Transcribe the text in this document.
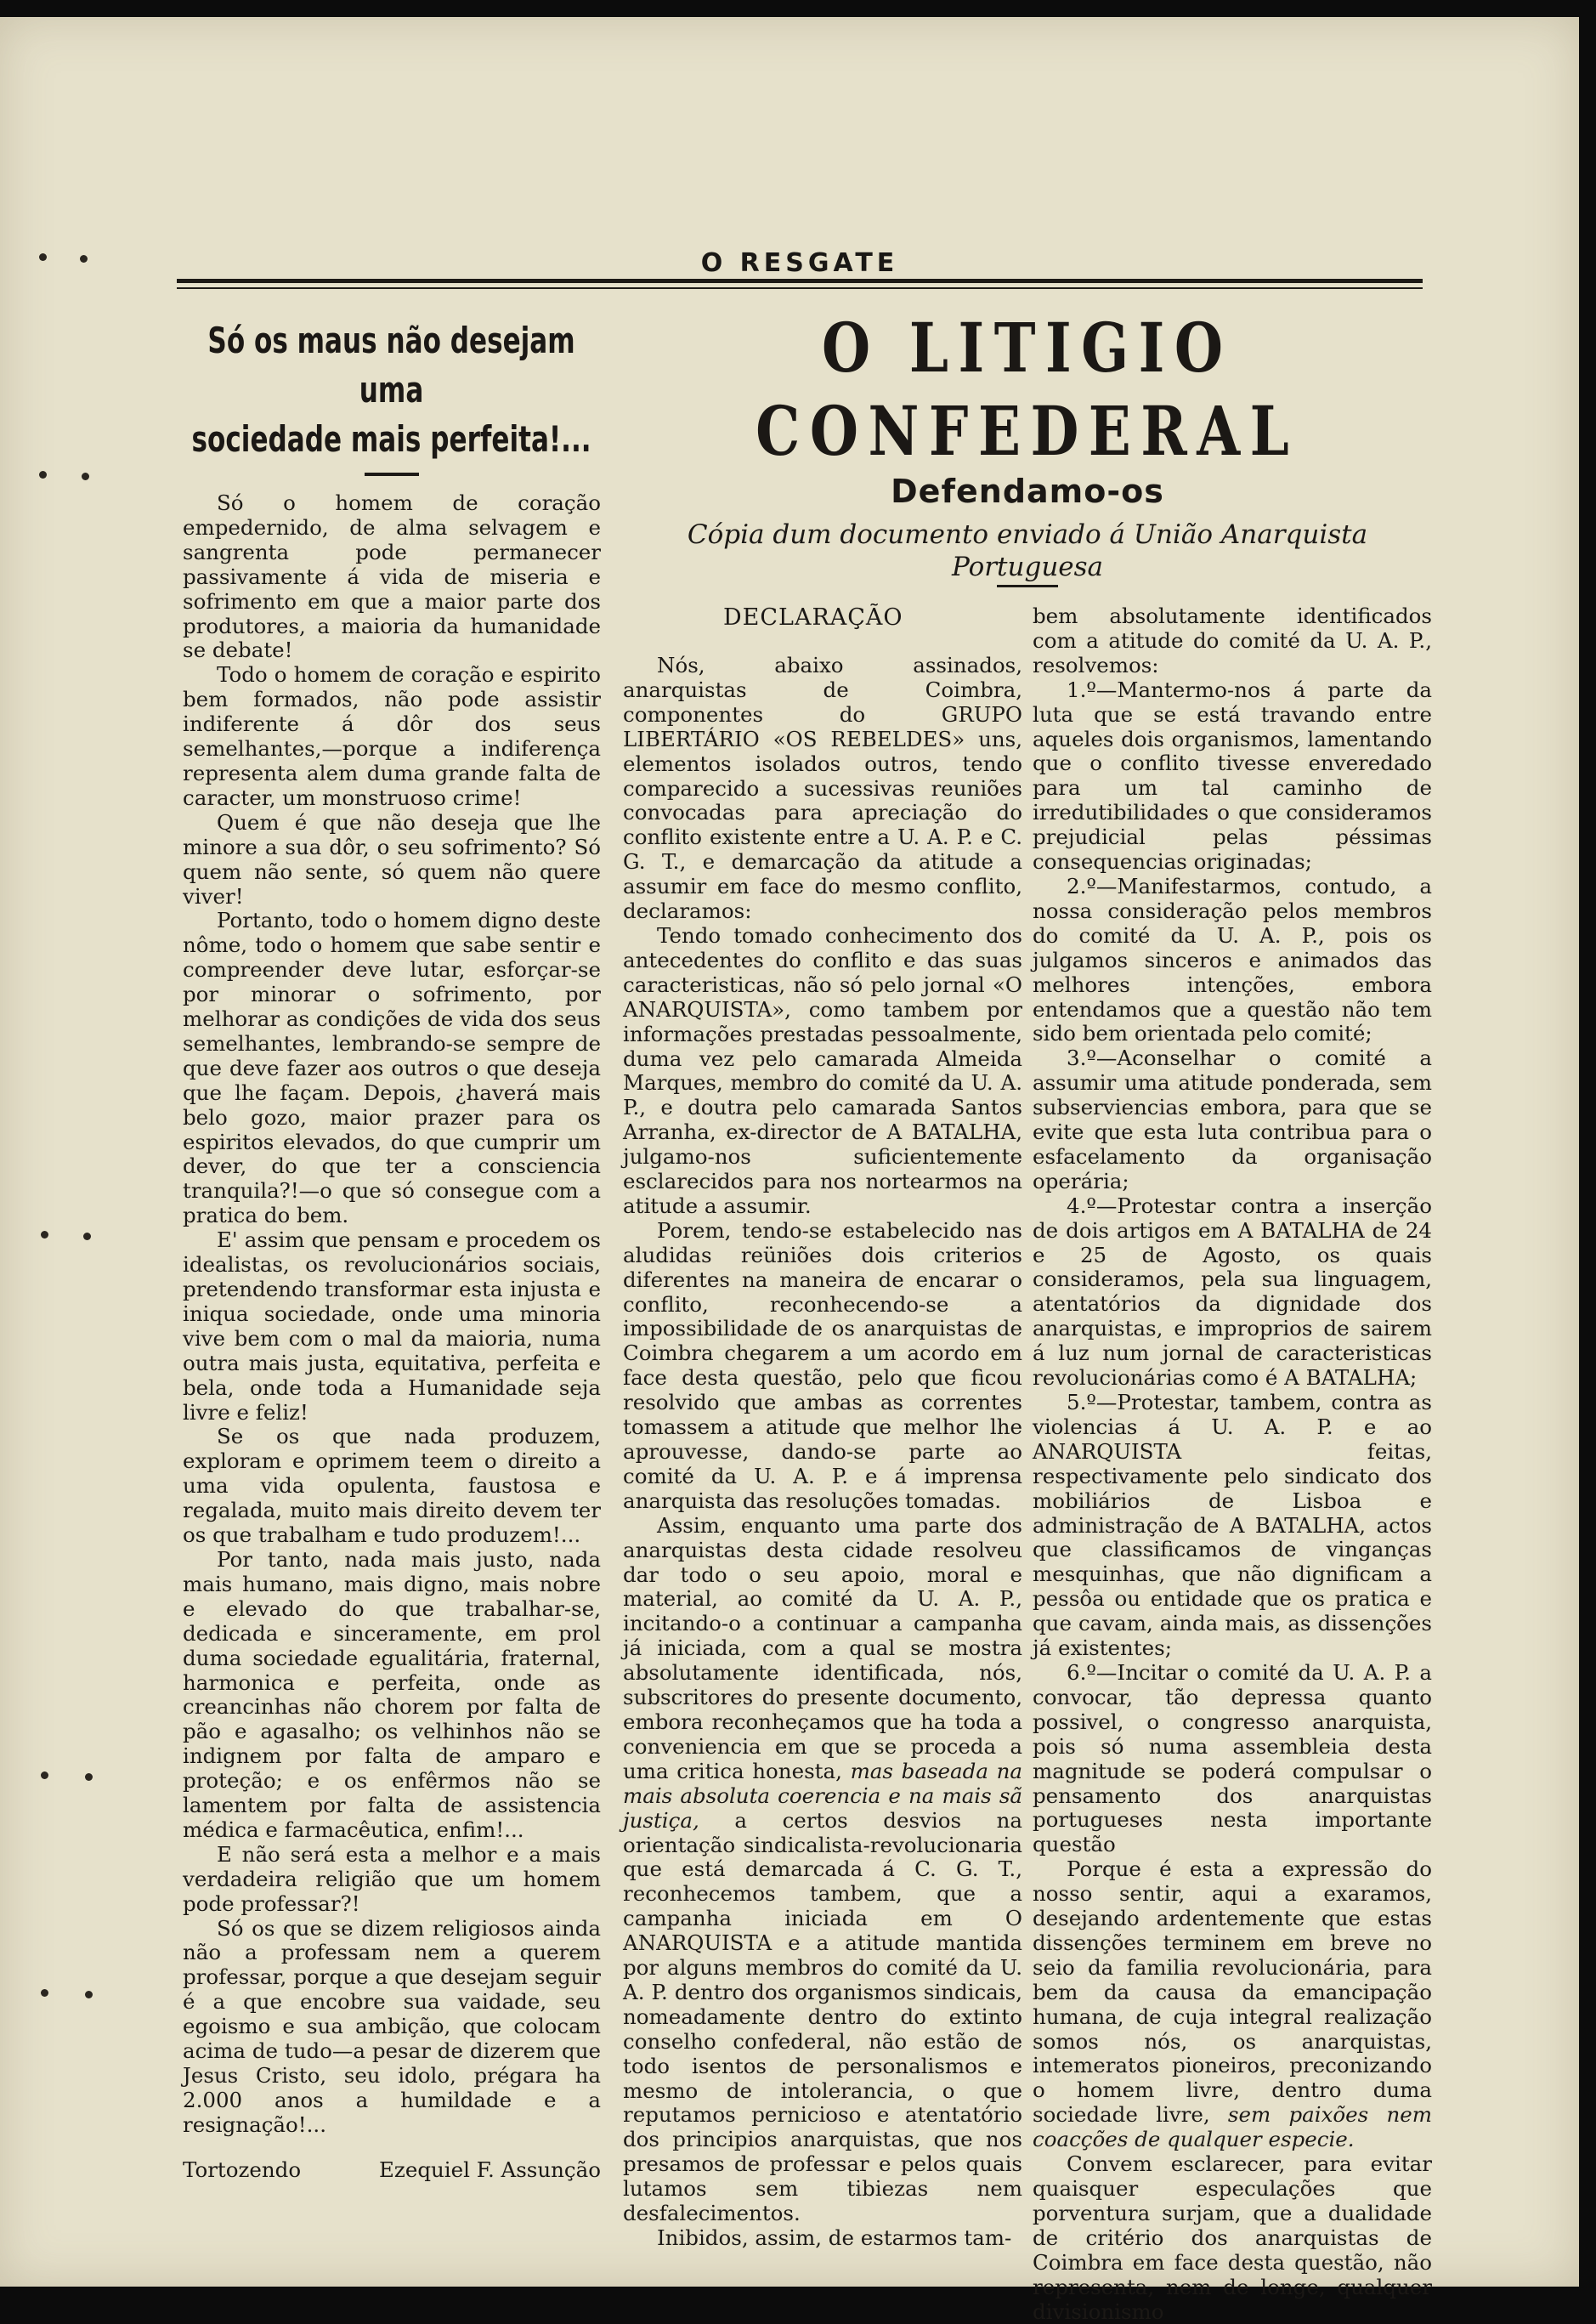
O RESGATE
Só os maus não desejam uma
sociedade mais perfeita!...

Só o homem de coração empedernido, de alma selvagem e sangrenta pode permanecer passivamente á vida de miseria e sofrimento em que a maior parte dos produtores, a maioria da humanidade se debate!

Todo o homem de coração e espirito bem formados, não pode assistir indiferente á dôr dos seus semelhantes,—porque a indiferença representa alem duma grande falta de caracter, um monstruoso crime!

Quem é que não deseja que lhe minore a sua dôr, o seu sofrimento? Só quem não sente, só quem não quere viver!

Portanto, todo o homem digno deste nôme, todo o homem que sabe sentir e compreender deve lutar, esforçar-se por minorar o sofrimento, por melhorar as condições de vida dos seus semelhantes, lembrando-se sempre de que deve fazer aos outros o que deseja que lhe façam. Depois, ¿haverá mais belo gozo, maior prazer para os espiritos elevados, do que cumprir um dever, do que ter a consciencia tranquila?!—o que só consegue com a pratica do bem.

E' assim que pensam e procedem os idealistas, os revolucionários sociais, pretendendo transformar esta injusta e iniqua sociedade, onde uma minoria vive bem com o mal da maioria, numa outra mais justa, equitativa, perfeita e bela, onde toda a Humanidade seja livre e feliz!

Se os que nada produzem, exploram e oprimem teem o direito a uma vida opulenta, faustosa e regalada, muito mais direito devem ter os que trabalham e tudo produzem!...

Por tanto, nada mais justo, nada mais humano, mais digno, mais nobre e elevado do que trabalhar-se, dedicada e sinceramente, em prol duma sociedade egualitária, fraternal, harmonica e perfeita, onde as creancinhas não chorem por falta de pão e agasalho; os velhinhos não se indignem por falta de amparo e proteção; e os enfêrmos não se lamentem por falta de assistencia médica e farmacêutica, enfim!...

E não será esta a melhor e a mais verdadeira religião que um homem pode professar?!

Só os que se dizem religiosos ainda não a professam nem a querem professar, porque a que desejam seguir é a que encobre sua vaidade, seu egoismo e sua ambição, que colocam acima de tudo—a pesar de dizerem que Jesus Cristo, seu idolo, prégara ha 2.000 anos a humildade e a resignação!...

Tortozendo	Ezequiel F. Assunção
O LITIGIO CONFEDERAL
Defendamo-os

Cópia dum documento enviado á União Anarquista Portuguesa

DECLARAÇÃO

Nós, abaixo assinados, anarquistas de Coimbra, componentes do GRUPO LIBERTÁRIO «OS REBELDES» uns, elementos isolados outros, tendo comparecido a sucessivas reuniões convocadas para apreciação do conflito existente entre a U. A. P. e C. G. T., e demarcação da atitude a assumir em face do mesmo conflito, declaramos:

Tendo tomado conhecimento dos antecedentes do conflito e das suas caracteristicas, não só pelo jornal «O ANARQUISTA», como tambem por informações prestadas pessoalmente, duma vez pelo camarada Almeida Marques, membro do comité da U. A. P., e doutra pelo camarada Santos Arranha, ex-director de A BATALHA, julgamo-nos suficientemente esclarecidos para nos nortearmos na atitude a assumir.

Porem, tendo-se estabelecido nas aludidas reüniões dois criterios diferentes na maneira de encarar o conflito, reconhecendo-se a impossibilidade de os anarquistas de Coimbra chegarem a um acordo em face desta questão, pelo que ficou resolvido que ambas as correntes tomassem a atitude que melhor lhe aprouvesse, dando-se parte ao comité da U. A. P. e á imprensa anarquista das resoluções tomadas.

Assim, enquanto uma parte dos anarquistas desta cidade resolveu dar todo o seu apoio, moral e material, ao comité da U. A. P., incitando-o a continuar a campanha já iniciada, com a qual se mostra absolutamente identificada, nós, subscritores do presente documento, embora reconheçamos que ha toda a conveniencia em que se proceda a uma critica honesta, mas baseada na mais absoluta coerencia e na mais sã justiça, a certos desvios na orientação sindicalista-revolucionaria que está demarcada á C. G. T., reconhecemos tambem, que a campanha iniciada em O ANARQUISTA e a atitude mantida por alguns membros do comité da U. A. P. dentro dos organismos sindicais, nomeadamente dentro do extinto conselho confederal, não estão de todo isentos de personalismos e mesmo de intolerancia, o que reputamos pernicioso e atentatório dos principios anarquistas, que nos presamos de professar e pelos quais lutamos sem tibiezas nem desfalecimentos.

Inibidos, assim, de estarmos tam-

bem absolutamente identificados com a atitude do comité da U. A. P., resolvemos:

1.º—Mantermo-nos á parte da luta que se está travando entre aqueles dois organismos, lamentando que o conflito tivesse enveredado para um tal caminho de irredutibilidades o que consideramos prejudicial pelas péssimas consequencias originadas;

2.º—Manifestarmos, contudo, a nossa consideração pelos membros do comité da U. A. P., pois os julgamos sinceros e animados das melhores intenções, embora entendamos que a questão não tem sido bem orientada pelo comité;

3.º—Aconselhar o comité a assumir uma atitude ponderada, sem subserviencias embora, para que se evite que esta luta contribua para o esfacelamento da organisação operária;

4.º—Protestar contra a inserção de dois artigos em A BATALHA de 24 e 25 de Agosto, os quais consideramos, pela sua linguagem, atentatórios da dignidade dos anarquistas, e improprios de sairem á luz num jornal de caracteristicas revolucionárias como é A BATALHA;

5.º—Protestar, tambem, contra as violencias á U. A. P. e ao ANARQUISTA feitas, respectivamente pelo sindicato dos mobiliários de Lisboa e administração de A BATALHA, actos que classificamos de vinganças mesquinhas, que não dignificam a pessôa ou entidade que os pratica e que cavam, ainda mais, as dissenções já existentes;

6.º—Incitar o comité da U. A. P. a convocar, tão depressa quanto possivel, o congresso anarquista, pois só numa assembleia desta magnitude se poderá compulsar o pensamento dos anarquistas portugueses nesta importante questão

Porque é esta a expressão do nosso sentir, aqui a exaramos, desejando ardentemente que estas dissenções terminem em breve no seio da familia revolucionária, para bem da causa da emancipação humana, de cuja integral realização somos nós, os anarquistas, intemeratos pioneiros, preconizando o homem livre, dentro duma sociedade livre, sem paixões nem coacções de qualquer especie.

Convem esclarecer, para evitar quaisquer especulações que porventura surjam, que a dualidade de critério dos anarquistas de Coimbra em face desta questão, não representa, nem de longe, qualquer divisionismo
